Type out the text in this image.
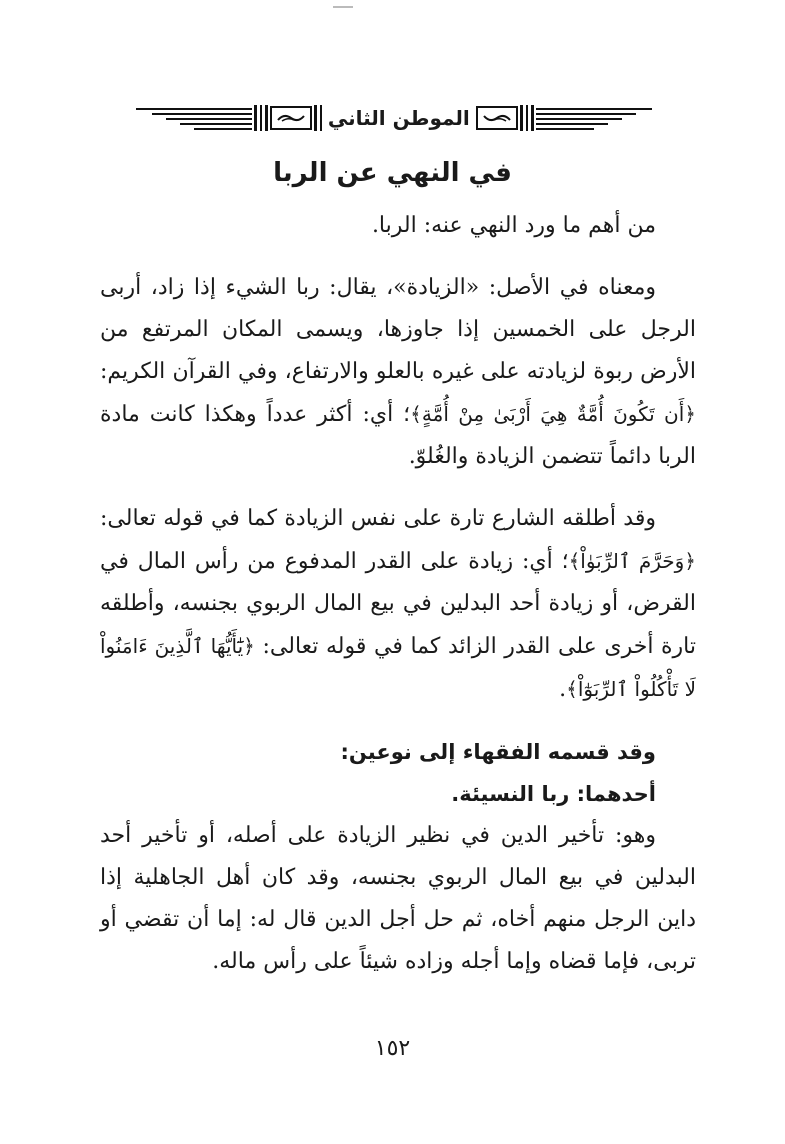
الموطن الثاني
في النهي عن الربا

من أهم ما ورد النهي عنه: الربا.

ومعناه في الأصل: «الزيادة»، يقال: ربا الشيء إذا زاد، أربى الرجل على الخمسين إذا جاوزها، ويسمى المكان المرتفع من الأرض ربوة لزيادته على غيره بالعلو والارتفاع، وفي القرآن الكريم: ﴿أَن تَكُونَ أُمَّةٌ هِيَ أَرْبَىٰ مِنْ أُمَّةٍ﴾؛ أي: أكثر عدداً وهكذا كانت مادة الربا دائماً تتضمن الزيادة والغُلوّ.

وقد أطلقه الشارع تارة على نفس الزيادة كما في قوله تعالى: ﴿وَحَرَّمَ ٱلرِّبَوٰاْ﴾؛ أي: زيادة على القدر المدفوع من رأس المال في القرض، أو زيادة أحد البدلين في بيع المال الربوي بجنسه، وأطلقه تارة أخرى على القدر الزائد كما في قوله تعالى: ﴿يَٰٓأَيُّهَا ٱلَّذِينَ ءَامَنُواْ لَا تَأْكُلُواْ ٱلرِّبَوٰٓاْ﴾.

وقد قسمه الفقهاء إلى نوعين:

أحدهما: ربا النسيئة.

وهو: تأخير الدين في نظير الزيادة على أصله، أو تأخير أحد البدلين في بيع المال الربوي بجنسه، وقد كان أهل الجاهلية إذا داين الرجل منهم أخاه، ثم حل أجل الدين قال له: إما أن تقضي أو تربى، فإما قضاه وإما أجله وزاده شيئاً على رأس ماله.

١٥٢
